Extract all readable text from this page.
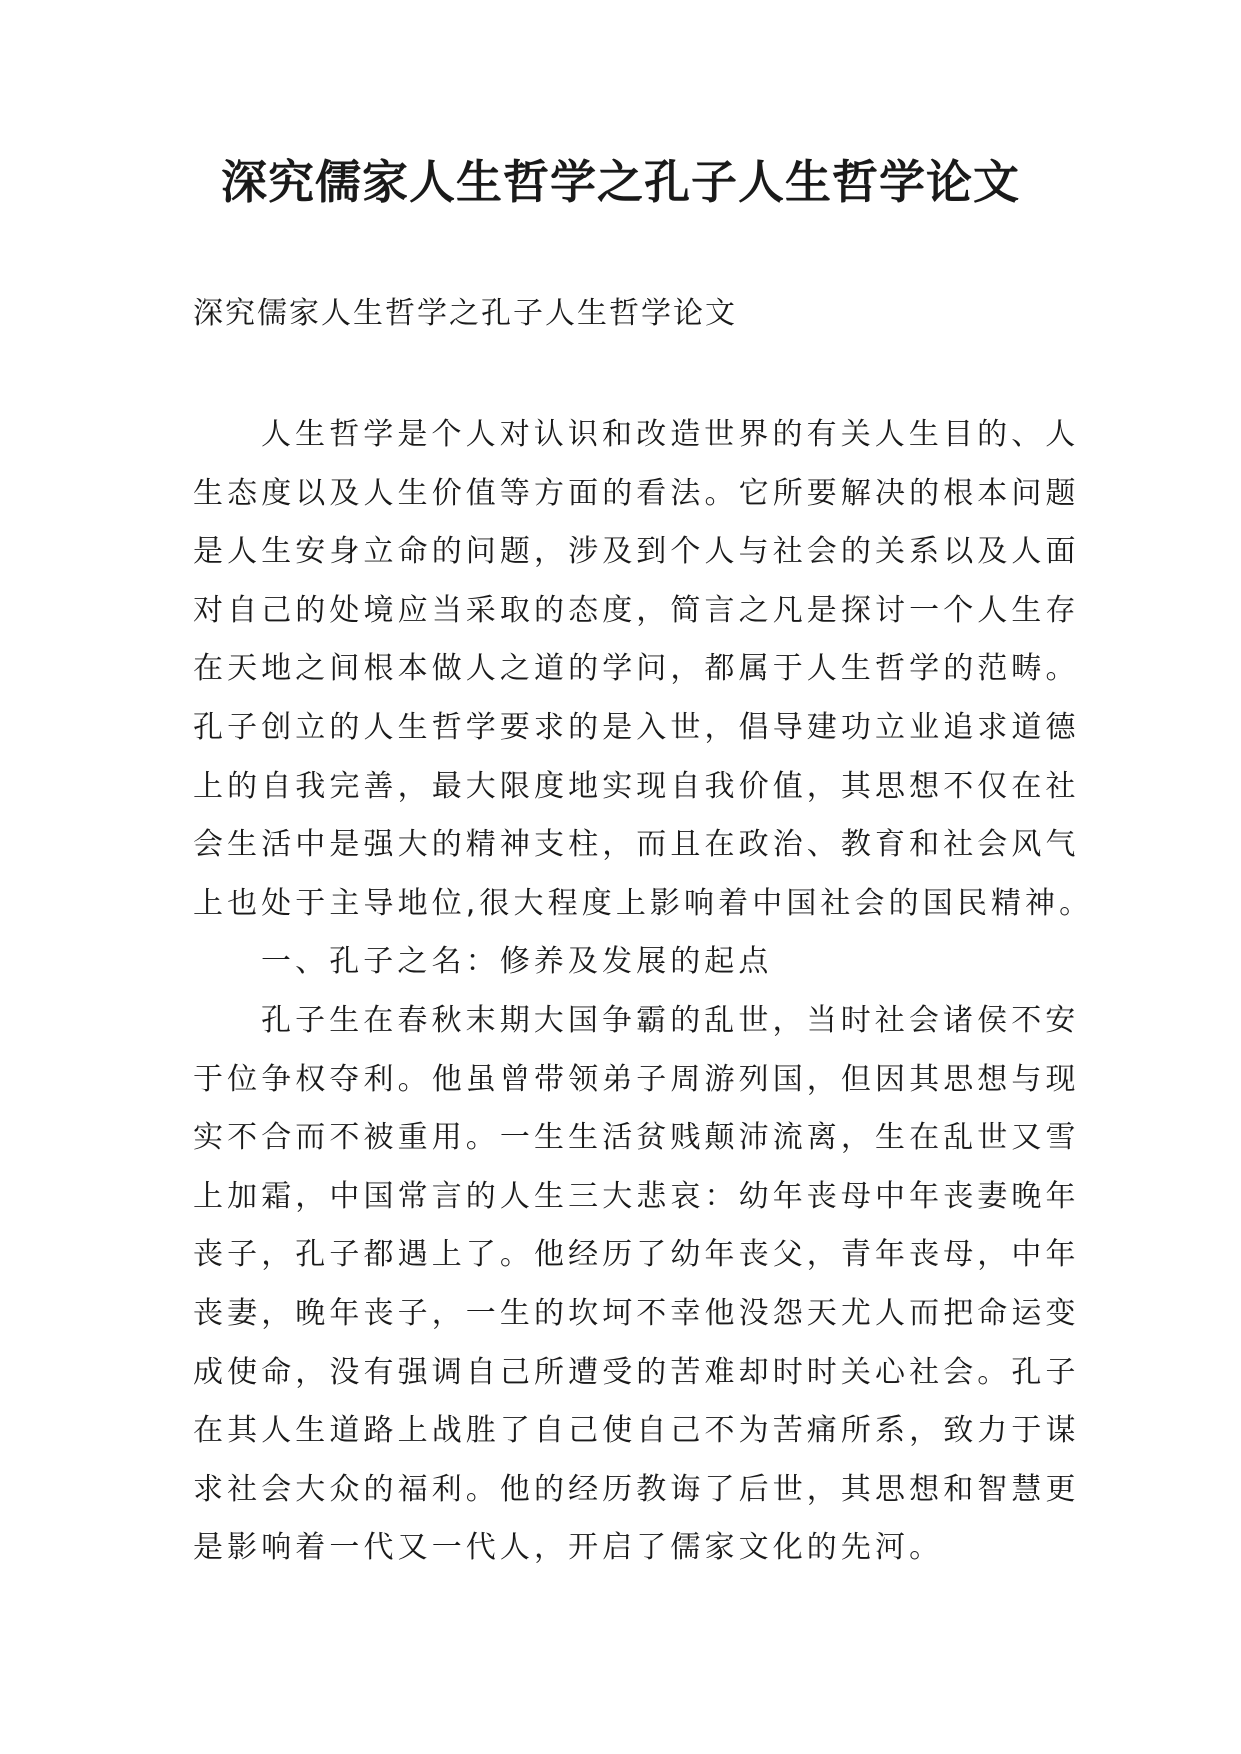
深究儒家人生哲学之孔子人生哲学论文

深究儒家人生哲学之孔子人生哲学论文

人生哲学是个人对认识和改造世界的有关人生目的、人
生态度以及人生价值等方面的看法。它所要解决的根本问题
是人生安身立命的问题，涉及到个人与社会的关系以及人面
对自己的处境应当采取的态度，简言之凡是探讨一个人生存
在天地之间根本做人之道的学问，都属于人生哲学的范畴。
孔子创立的人生哲学要求的是入世，倡导建功立业追求道德
上的自我完善，最大限度地实现自我价值，其思想不仅在社
会生活中是强大的精神支柱，而且在政治、教育和社会风气
上也处于主导地位,很大程度上影响着中国社会的国民精神。
一、孔子之名：修养及发展的起点
孔子生在春秋末期大国争霸的乱世，当时社会诸侯不安
于位争权夺利。他虽曾带领弟子周游列国，但因其思想与现
实不合而不被重用。一生生活贫贱颠沛流离，生在乱世又雪
上加霜，中国常言的人生三大悲哀：幼年丧母中年丧妻晚年
丧子，孔子都遇上了。他经历了幼年丧父，青年丧母，中年
丧妻，晚年丧子，一生的坎坷不幸他没怨天尤人而把命运变
成使命，没有强调自己所遭受的苦难却时时关心社会。孔子
在其人生道路上战胜了自己使自己不为苦痛所系，致力于谋
求社会大众的福利。他的经历教诲了后世，其思想和智慧更
是影响着一代又一代人，开启了儒家文化的先河。
